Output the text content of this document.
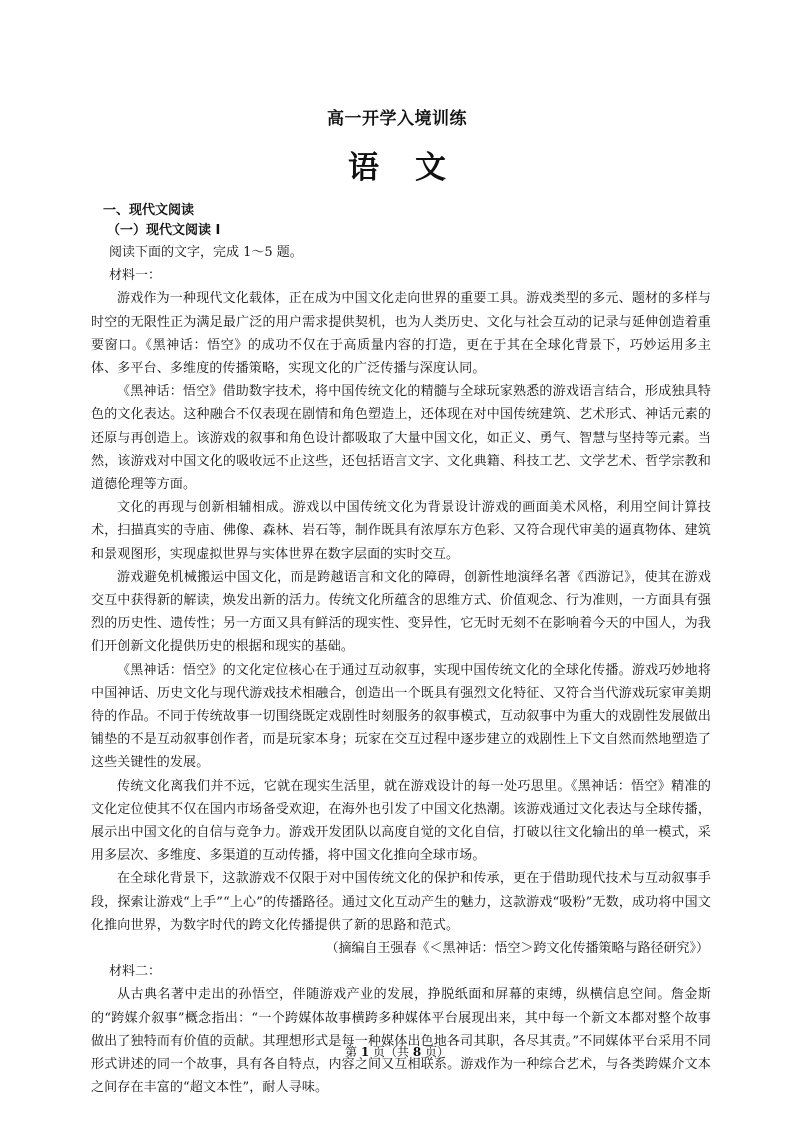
高一开学入境训练
语文
一、现代文阅读
（一）现代文阅读 I
阅读下面的文字，完成 1～5 题。
材料一：

游戏作为一种现代文化载体，正在成为中国文化走向世界的重要工具。游戏类型的多元、题材的多样与时空的无限性正为满足最广泛的用户需求提供契机，也为人类历史、文化与社会互动的记录与延伸创造着重要窗口。《黑神话：悟空》的成功不仅在于高质量内容的打造，更在于其在全球化背景下，巧妙运用多主体、多平台、多维度的传播策略，实现文化的广泛传播与深度认同。

《黑神话：悟空》借助数字技术，将中国传统文化的精髓与全球玩家熟悉的游戏语言结合，形成独具特色的文化表达。这种融合不仅表现在剧情和角色塑造上，还体现在对中国传统建筑、艺术形式、神话元素的还原与再创造上。该游戏的叙事和角色设计都吸取了大量中国文化，如正义、勇气、智慧与坚持等元素。当然，该游戏对中国文化的吸收远不止这些，还包括语言文字、文化典籍、科技工艺、文学艺术、哲学宗教和道德伦理等方面。

文化的再现与创新相辅相成。游戏以中国传统文化为背景设计游戏的画面美术风格，利用空间计算技术，扫描真实的寺庙、佛像、森林、岩石等，制作既具有浓厚东方色彩、又符合现代审美的逼真物体、建筑和景观图形，实现虚拟世界与实体世界在数字层面的实时交互。

游戏避免机械搬运中国文化，而是跨越语言和文化的障碍，创新性地演绎名著《西游记》，使其在游戏交互中获得新的解读，焕发出新的活力。传统文化所蕴含的思维方式、价值观念、行为准则，一方面具有强烈的历史性、遗传性；另一方面又具有鲜活的现实性、变异性，它无时无刻不在影响着今天的中国人，为我们开创新文化提供历史的根据和现实的基础。

《黑神话：悟空》的文化定位核心在于通过互动叙事，实现中国传统文化的全球化传播。游戏巧妙地将中国神话、历史文化与现代游戏技术相融合，创造出一个既具有强烈文化特征、又符合当代游戏玩家审美期待的作品。不同于传统故事一切围绕既定戏剧性时刻服务的叙事模式，互动叙事中为重大的戏剧性发展做出铺垫的不是互动叙事创作者，而是玩家本身；玩家在交互过程中逐步建立的戏剧性上下文自然而然地塑造了这些关键性的发展。

传统文化离我们并不远，它就在现实生活里，就在游戏设计的每一处巧思里。《黑神话：悟空》精准的文化定位使其不仅在国内市场备受欢迎，在海外也引发了中国文化热潮。该游戏通过文化表达与全球传播，展示出中国文化的自信与竞争力。游戏开发团队以高度自觉的文化自信，打破以往文化输出的单一模式，采用多层次、多维度、多渠道的互动传播，将中国文化推向全球市场。

在全球化背景下，这款游戏不仅限于对中国传统文化的保护和传承，更在于借助现代技术与互动叙事手段，探索让游戏“上手”“上心”的传播路径。通过文化互动产生的魅力，这款游戏“吸粉”无数，成功将中国文化推向世界，为数字时代的跨文化传播提供了新的思路和范式。

（摘编自王强春《＜黑神话：悟空＞跨文化传播策略与路径研究》）
材料二：

从古典名著中走出的孙悟空，伴随游戏产业的发展，挣脱纸面和屏幕的束缚，纵横信息空间。詹金斯的“跨媒介叙事”概念指出：“一个跨媒体故事横跨多种媒体平台展现出来，其中每一个新文本都对整个故事做出了独特而有价值的贡献。其理想形式是每一种媒体出色地各司其职，各尽其责。”不同媒体平台采用不同形式讲述的同一个故事，具有各自特点，内容之间又互相联系。游戏作为一种综合艺术，与各类跨媒介文本之间存在丰富的“超文本性”，耐人寻味。

第 1 页（共 8 页）
